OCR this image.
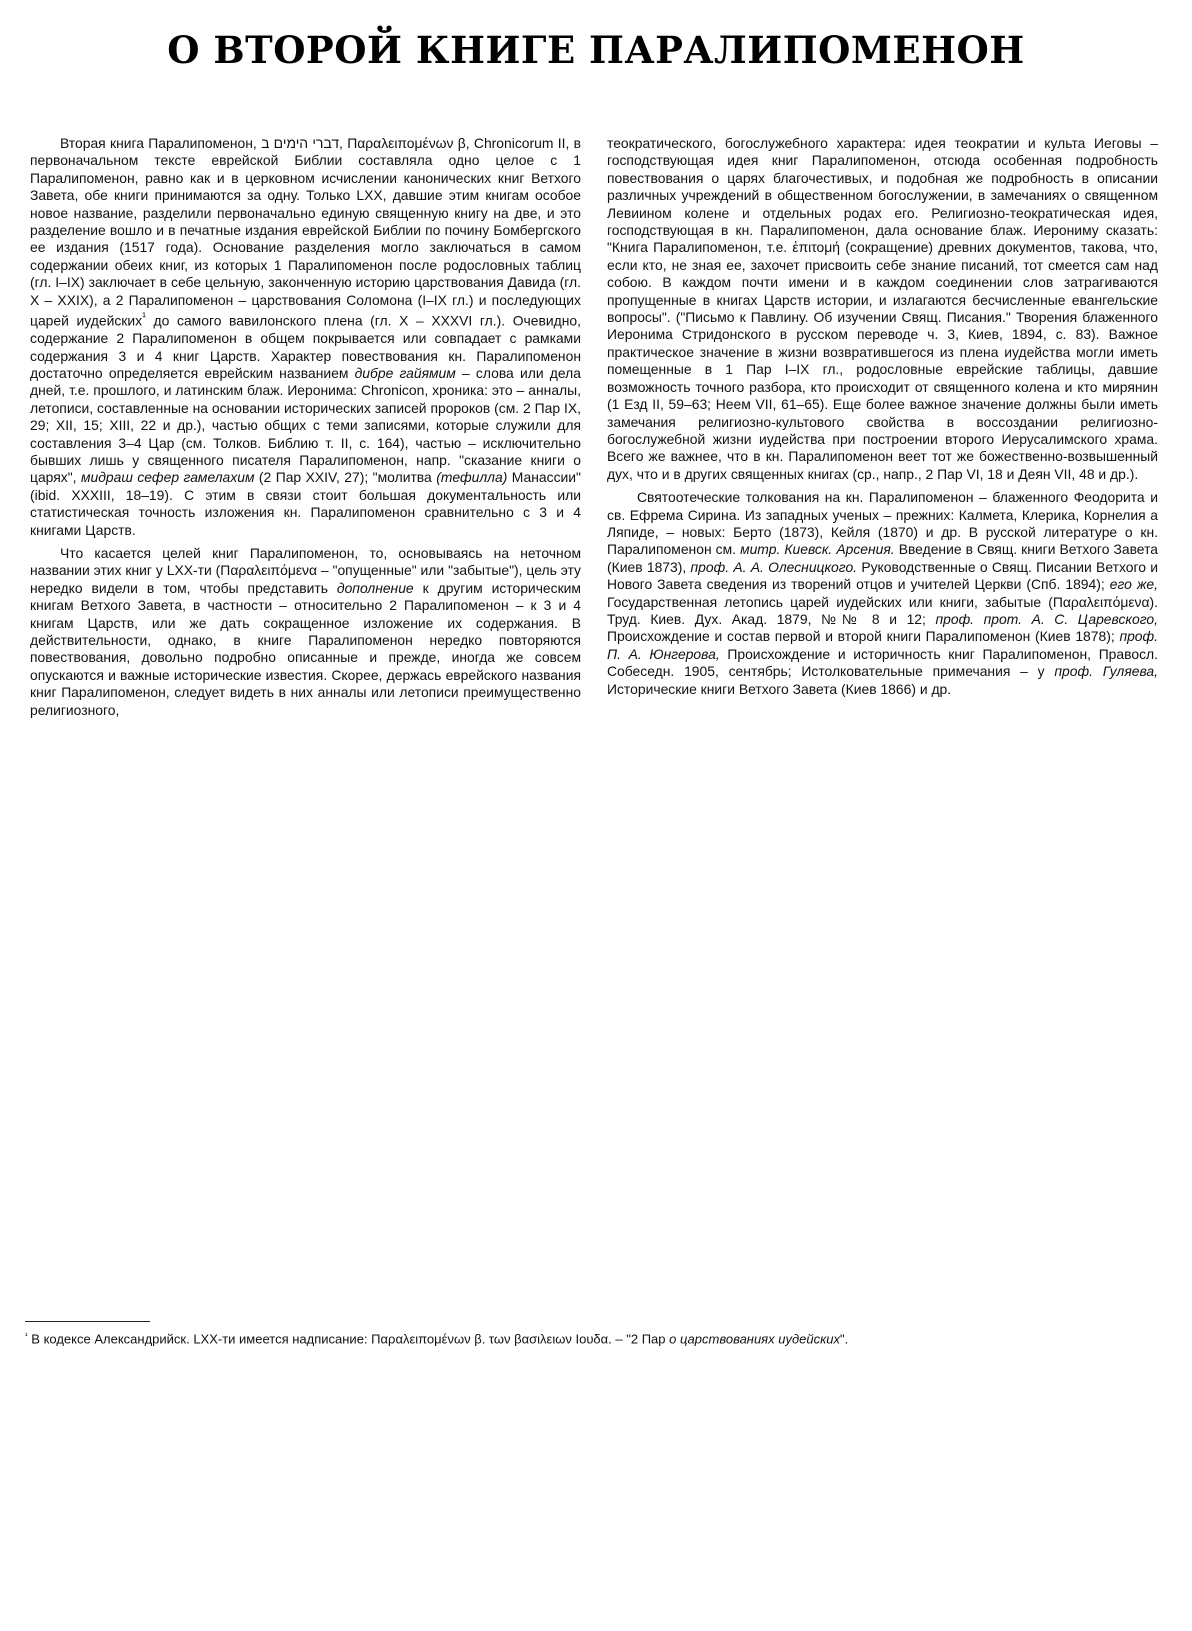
О ВТОРОЙ КНИГЕ ПАРАЛИПОМЕНОН

Вторая книга Паралипоменон, דברי הימים ב, Παραλειπομένων β, Chronicorum II, в первоначальном тексте еврейской Библии составляла одно целое с 1 Паралипоменон, равно как и в церковном исчислении канонических книг Ветхого Завета, обе книги принимаются за одну. Только LXX, давшие этим книгам особое новое название, разделили первоначально единую священную книгу на две, и это разделение вошло и в печатные издания еврейской Библии по почину Бомбергского ее издания (1517 года). Основание разделения могло заключаться в самом содержании обеих книг, из которых 1 Паралипоменон после родословных таблиц (гл. I–IX) заключает в себе цельную, законченную историю царствования Давида (гл. X – XXIX), а 2 Паралипоменон – царствования Соломона (I–IX гл.) и последующих царей иудейских$^{^1}$ до самого вавилонского плена (гл. X – XXXVI гл.). Очевидно, содержание 2 Паралипоменон в общем покрывается или совпадает с рамками содержания 3 и 4 книг Царств. Характер повествования кн. Паралипоменон достаточно определяется еврейским названием дибре гайямим – слова или дела дней, т.е. прошлого, и латинским блаж. Иеронима: Chronicon, хроника: это – анналы, летописи, составленные на основании исторических записей пророков (см. 2 Пар IX, 29; XII, 15; XIII, 22 и др.), частью общих с теми записями, которые служили для составления 3–4 Цар (см. Толков. Библию т. II, с. 164), частью – исключительно бывших лишь у священного писателя Паралипоменон, напр. "сказание книги о царях", мидраш сефер гамелахим (2 Пар XXIV, 27); "молитва (тефилла) Манассии" (ibid. XXXIII, 18–19). С этим в связи стоит большая документальность или статистическая точность изложения кн. Паралипоменон сравнительно с 3 и 4 книгами Царств.

Что касается целей книг Паралипоменон, то, основываясь на неточном названии этих книг у LXX-ти (Παραλειπόμενα – "опущенные" или "забытые"), цель эту нередко видели в том, чтобы представить дополнение к другим историческим книгам Ветхого Завета, в частности – относительно 2 Паралипоменон – к 3 и 4 книгам Царств, или же дать сокращенное изложение их содержания. В действительности, однако, в книге Паралипоменон нередко повторяются повествования, довольно подробно описанные и прежде, иногда же совсем опускаются и важные исторические известия. Скорее, держась еврейского названия книг Паралипоменон, следует видеть в них анналы или летописи преимущественно религиозного,

теократического, богослужебного характера: идея теократии и культа Иеговы – господствующая идея книг Паралипоменон, отсюда особенная подробность повествования о царях благочестивых, и подобная же подробность в описании различных учреждений в общественном богослужении, в замечаниях о священном Левиином колене и отдельных родах его. Религиозно-теократическая идея, господствующая в кн. Паралипоменон, дала основание блаж. Иерониму сказать: "Книга Паралипоменон, т.е. ἐπιτομή (сокращение) древних документов, такова, что, если кто, не зная ее, захочет присвоить себе знание писаний, тот смеется сам над собою. В каждом почти имени и в каждом соединении слов затрагиваются пропущенные в книгах Царств истории, и излагаются бесчисленные евангельские вопросы". ("Письмо к Павлину. Об изучении Свящ. Писания." Творения блаженного Иеронима Стридонского в русском переводе ч. 3, Киев, 1894, с. 83). Важное практическое значение в жизни возвратившегося из плена иудейства могли иметь помещенные в 1 Пар I–IX гл., родословные еврейские таблицы, давшие возможность точного разбора, кто происходит от священного колена и кто мирянин (1 Езд II, 59–63; Неем VII, 61–65). Еще более важное значение должны были иметь замечания религиозно-культового свойства в воссоздании религиозно-богослужебной жизни иудейства при построении второго Иерусалимского храма. Всего же важнее, что в кн. Паралипоменон веет тот же божественно-возвышенный дух, что и в других священных книгах (ср., напр., 2 Пар VI, 18 и Деян VII, 48 и др.).

Святоотеческие толкования на кн. Паралипоменон – блаженного Феодорита и св. Ефрема Сирина. Из западных ученых – прежних: Калмета, Клерика, Корнелия а Ляпиде, – новых: Берто (1873), Кейля (1870) и др. В русской литературе о кн. Паралипоменон см. митр. Киевск. Арсения. Введение в Свящ. книги Ветхого Завета (Киев 1873), проф. А. А. Олесницкого. Руководственные о Свящ. Писании Ветхого и Нового Завета сведения из творений отцов и учителей Церкви (Спб. 1894); его же, Государственная летопись царей иудейских или книги, забытые (Παραλειπόμενα). Труд. Киев. Дух. Акад. 1879, №№ 8 и 12; проф. прот. А. С. Царевского, Происхождение и состав первой и второй книги Паралипоменон (Киев 1878); проф. П. А. Юнгерова, Происхождение и историчность книг Паралипоменон, Правосл. Собеседн. 1905, сентябрь; Истолковательные примечания – у проф. Гуляева, Исторические книги Ветхого Завета (Киев 1866) и др.

$^{^1}$ В кодексе Александрийск. LXX-ти имеется надписание: Παραλειπομένων β. των βασιλειων Ιουδα. – "2 Пар о царствованиях иудейских".
